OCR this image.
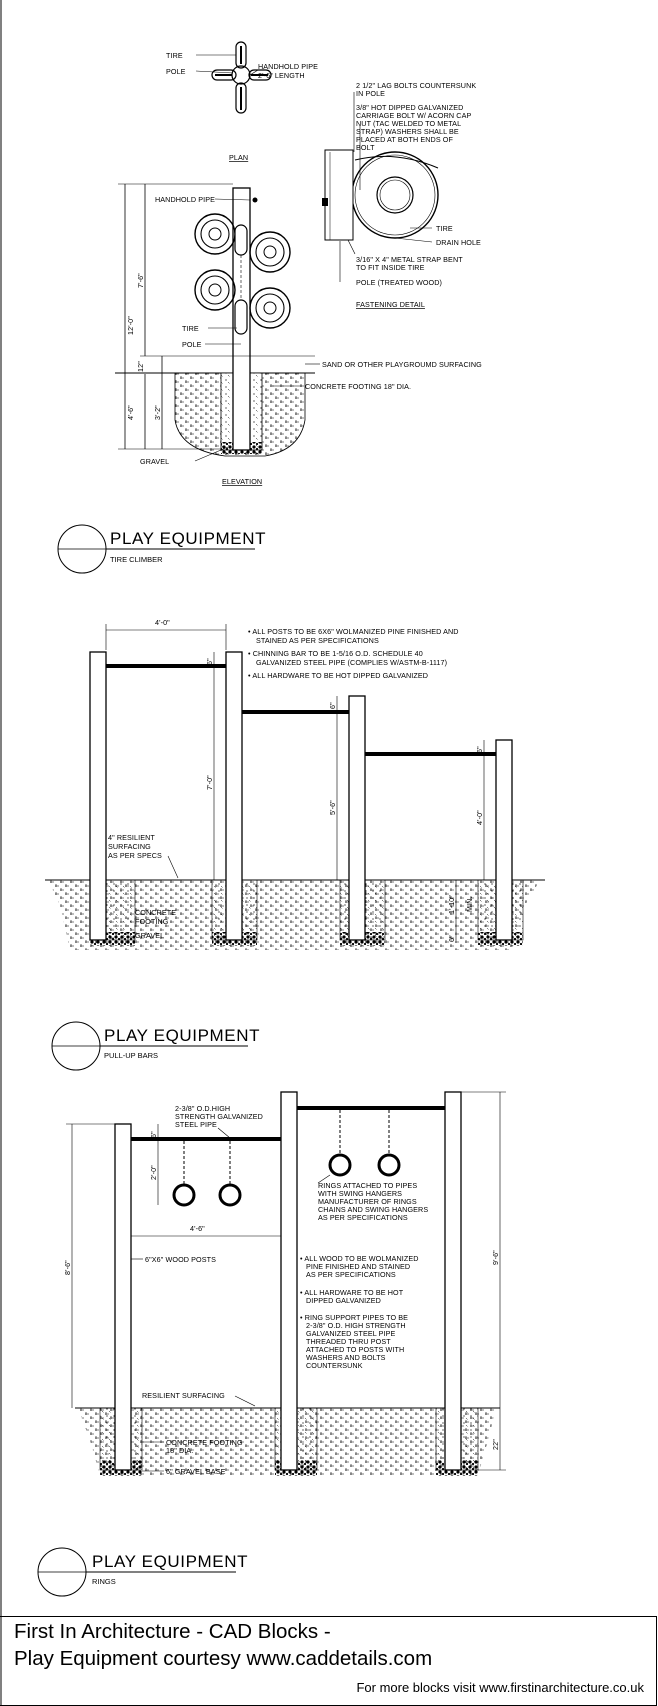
TIRE
POLE
HANDHOLD PIPE
2'-6" LENGTH
PLAN
12'-0"
7'-6"
12"
4'-6"	3'-2"
HANDHOLD PIPE
TIRE
POLE
GRAVEL
SAND OR OTHER PLAYGROUMD SURFACING
CONCRETE FOOTING 18" DIA.
ELEVATION
2 1/2" LAG BOLTS COUNTERSUNK
IN POLE
3/8" HOT DIPPED GALVANIZED
CARRIAGE BOLT W/ ACORN CAP
NUT (TAC WELDED TO METAL
STRAP) WASHERS SHALL BE
PLACED AT BOTH ENDS OF
BOLT
TIRE
DRAIN HOLE
3/16" X 4" METAL STRAP BENT
TO FIT INSIDE TIRE
POLE (TREATED WOOD)
FASTENING DETAIL
PLAY EQUIPMENT
TIRE CLIMBER
4'-0"
6"
7'-0"
6"
5'-6"
6"
4'-0"
1'-10" MIN.
6"
• ALL POSTS TO BE 6X6" WOLMANIZED PINE FINISHED AND
STAINED AS PER SPECIFICATIONS
• CHINNING BAR TO BE 1-5/16 O.D. SCHEDULE 40
GALVANIZED STEEL PIPE (COMPLIES W/ASTM-B-1117)
• ALL HARDWARE TO BE HOT DIPPED GALVANIZED
4" RESILIENT
SURFACING
AS PER SPECS
CONCRETE
FOOTING
GRAVEL
PLAY EQUIPMENT
PULL-UP BARS
8'-6"
6"
2'-0"
4'-6"
9'-6"
22"
2-3/8" O.D.HIGH
STRENGTH GALVANIZED
STEEL PIPE
6"X6" WOOD POSTS
RINGS ATTACHED TO PIPES
WITH SWING HANGERS
MANUFACTURER OF RINGS
CHAINS AND SWING HANGERS
AS PER SPECIFICATIONS
• ALL WOOD TO BE WOLMANIZED
PINE FINISHED AND STAINED
AS PER SPECIFICATIONS
• ALL HARDWARE TO BE HOT
DIPPED GALVANIZED
• RING SUPPORT PIPES TO BE
2-3/8" O.D. HIGH STRENGTH
GALVANIZED STEEL PIPE
THREADED THRU POST
ATTACHED TO POSTS WITH
WASHERS AND BOLTS
COUNTERSUNK
RESILIENT SURFACING
CONCRETE FOOTING
18" DIA.
6" GRAVEL BASE
PLAY EQUIPMENT
RINGS
First In Architecture - CAD Blocks -
Play Equipment courtesy www.caddetails.com
For more blocks visit www.firstinarchitecture.co.uk
